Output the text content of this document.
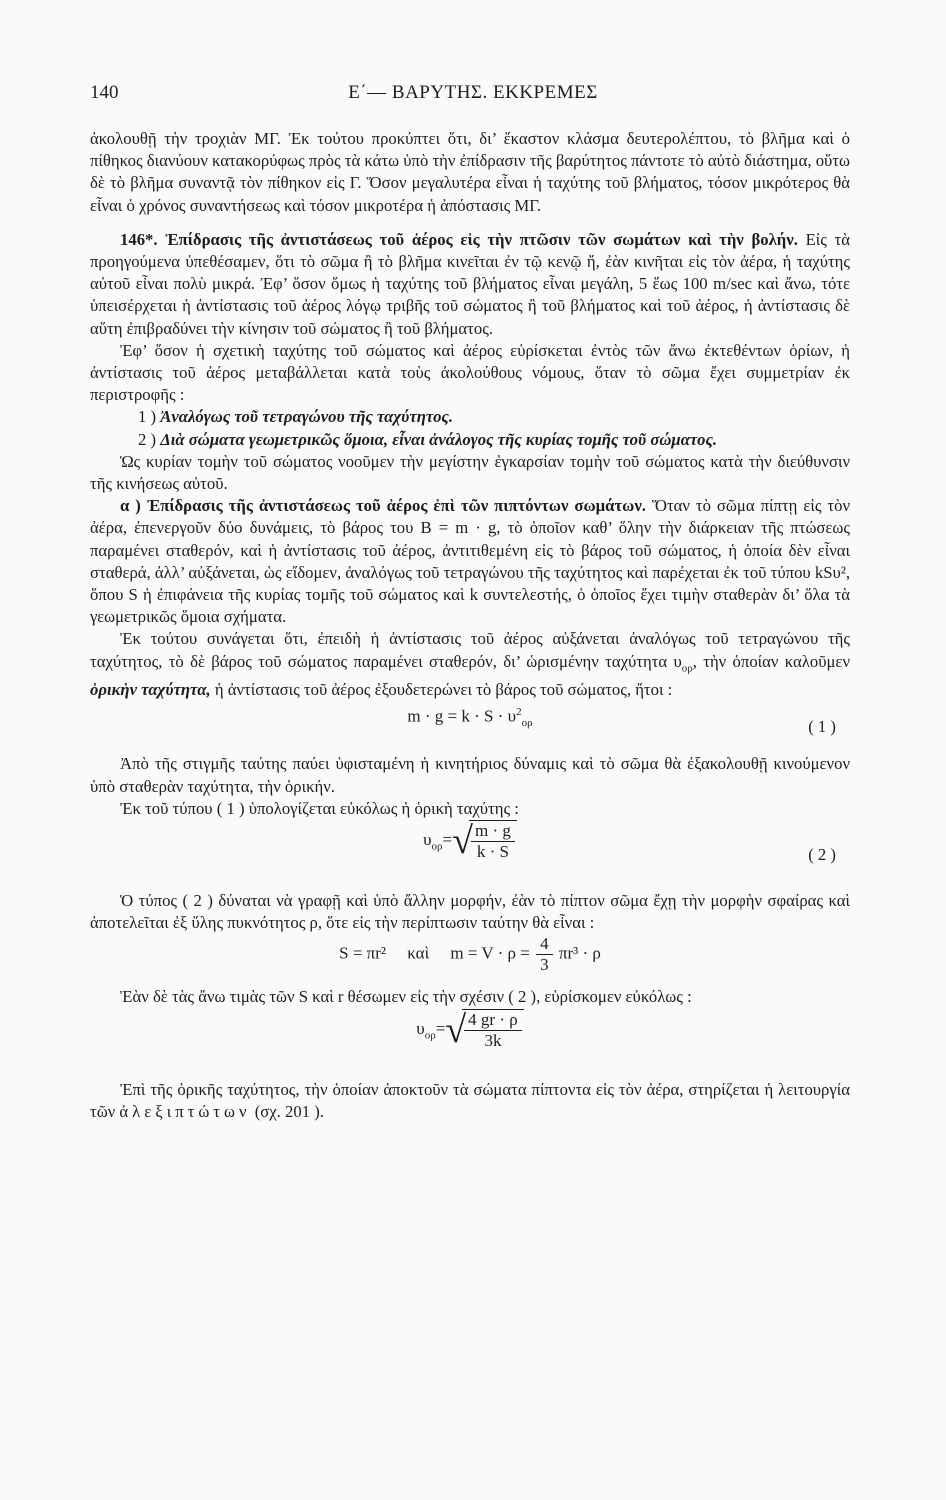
140	Ε΄— ΒΑΡΥΤΗΣ. ΕΚΚΡΕΜΕΣ

ἀκολουθῇ τὴν τροχιὰν ΜΓ. Ἐκ τούτου προκύπτει ὅτι, δι’ ἕκαστον κλάσμα δευτερολέπτου, τὸ βλῆμα καὶ ὁ πίθηκος διανύουν κατακορύφως πρὸς τὰ κάτω ὑπὸ τὴν ἐπίδρασιν τῆς βαρύτητος πάντοτε τὸ αὐτὸ διάστημα, οὕτω δὲ τὸ βλῆμα συναντᾷ τὸν πίθηκον εἰς Γ. Ὅσον μεγαλυτέρα εἶναι ἡ ταχύτης τοῦ βλήματος, τόσον μικρότερος θὰ εἶναι ὁ χρόνος συναντήσεως καὶ τόσον μικροτέρα ἡ ἀπόστασις ΜΓ.

146*. Ἐπίδρασις τῆς ἀντιστάσεως τοῦ ἀέρος εἰς τὴν πτῶσιν τῶν σωμάτων καὶ τὴν βολήν. Εἰς τὰ προηγούμενα ὑπεθέσαμεν, ὅτι τὸ σῶμα ἢ τὸ βλῆμα κινεῖται ἐν τῷ κενῷ ἤ, ἐὰν κινῆται εἰς τὸν ἀέρα, ἡ ταχύτης αὐτοῦ εἶναι πολὺ μικρά. Ἐφ’ ὅσον ὅμως ἡ ταχύτης τοῦ βλήματος εἶναι μεγάλη, 5 ἕως 100 m/sec καὶ ἄνω, τότε ὑπεισέρχεται ἡ ἀντίστασις τοῦ ἀέρος λόγῳ τριβῆς τοῦ σώματος ἢ τοῦ βλήματος καὶ τοῦ ἀέρος, ἡ ἀντίστασις δὲ αὕτη ἐπιβραδύνει τὴν κίνησιν τοῦ σώματος ἢ τοῦ βλήματος.

Ἐφ’ ὅσον ἡ σχετικὴ ταχύτης τοῦ σώματος καὶ ἀέρος εὑρίσκεται ἐντὸς τῶν ἄνω ἐκτεθέντων ὁρίων, ἡ ἀντίστασις τοῦ ἀέρος μεταβάλλεται κατὰ τοὺς ἀκολούθους νόμους, ὅταν τὸ σῶμα ἔχει συμμετρίαν ἐκ περιστροφῆς :

1 ) Ἀναλόγως τοῦ τετραγώνου τῆς ταχύτητος.

2 ) Διὰ σώματα γεωμετρικῶς ὅμοια, εἶναι ἀνάλογος τῆς κυρίας τομῆς τοῦ σώματος.

Ὡς κυρίαν τομὴν τοῦ σώματος νοοῦμεν τὴν μεγίστην ἐγκαρσίαν τομὴν τοῦ σώματος κατὰ τὴν διεύθυνσιν τῆς κινήσεως αὐτοῦ.

α ) Ἐπίδρασις τῆς ἀντιστάσεως τοῦ ἀέρος ἐπὶ τῶν πιπτόντων σωμάτων. Ὅταν τὸ σῶμα πίπτῃ εἰς τὸν ἀέρα, ἐπενεργοῦν δύο δυνάμεις, τὸ βάρος του B = m · g, τὸ ὁποῖον καθ’ ὅλην τὴν διάρκειαν τῆς πτώσεως παραμένει σταθερόν, καὶ ἡ ἀντίστασις τοῦ ἀέρος, ἀντιτιθεμένη εἰς τὸ βάρος τοῦ σώματος, ἡ ὁποία δὲν εἶναι σταθερά, ἀλλ’ αὐξάνεται, ὡς εἴδομεν, ἀναλόγως τοῦ τετραγώνου τῆς ταχύτητος καὶ παρέχεται ἐκ τοῦ τύπου kSυ², ὅπου S ἡ ἐπιφάνεια τῆς κυρίας τομῆς τοῦ σώματος καὶ k συντελεστής, ὁ ὁποῖος ἔχει τιμὴν σταθερὰν δι’ ὅλα τὰ γεωμετρικῶς ὅμοια σχήματα.

Ἐκ τούτου συνάγεται ὅτι, ἐπειδὴ ἡ ἀντίστασις τοῦ ἀέρος αὐξάνεται ἀναλόγως τοῦ τετραγώνου τῆς ταχύτητος, τὸ δὲ βάρος τοῦ σώματος παραμένει σταθερόν, δι’ ὡρισμένην ταχύτητα $\upsilon_{o\rho}$, τὴν ὁποίαν καλοῦμεν ὁρικὴν ταχύτητα, ἡ ἀντίστασις τοῦ ἀέρος ἐξουδετερώνει τὸ βάρος τοῦ σώματος, ἤτοι :

$m \cdot g = k \cdot S \cdot \upsilon^2_{o\rho}$	( 1 )

Ἀπὸ τῆς στιγμῆς ταύτης παύει ὑφισταμένη ἡ κινητήριος δύναμις καὶ τὸ σῶμα θὰ ἐξακολουθῇ κινούμενον ὑπὸ σταθερὰν ταχύτητα, τὴν ὁρικήν.

Ἐκ τοῦ τύπου ( 1 ) ὑπολογίζεται εὐκόλως ἡ ὁρικὴ ταχύτης :

$\upsilon_{o\rho}=√$
$\frac{m \cdot g}{k \cdot S}$	( 2 )

Ὁ τύπος ( 2 ) δύναται νὰ γραφῇ καὶ ὑπὸ ἄλλην μορφήν, ἐὰν τὸ πίπτον σῶμα ἔχῃ τὴν μορφὴν σφαίρας καὶ ἀποτελεῖται ἐξ ὕλης πυκνότητος ρ, ὅτε εἰς τὴν περίπτωσιν ταύτην θὰ εἶναι :

S = πr² καὶ $m = V \cdot \rho = \frac{4}{3} \pi r^3 \cdot \rho$

Ἐὰν δὲ τὰς ἄνω τιμὰς τῶν S καὶ r θέσωμεν εἰς τὴν σχέσιν ( 2 ), εὑρίσκομεν εὐκόλως :

$\upsilon_{o\rho}=√$
$\frac{4 gr \cdot \rho}{3k}$

Ἐπὶ τῆς ὁρικῆς ταχύτητος, τὴν ὁποίαν ἀποκτοῦν τὰ σώματα πίπτοντα εἰς τὸν ἀέρα, στηρίζεται ἡ λειτουργία τῶν ἀλεξιπτώτων (σχ. 201 ).
